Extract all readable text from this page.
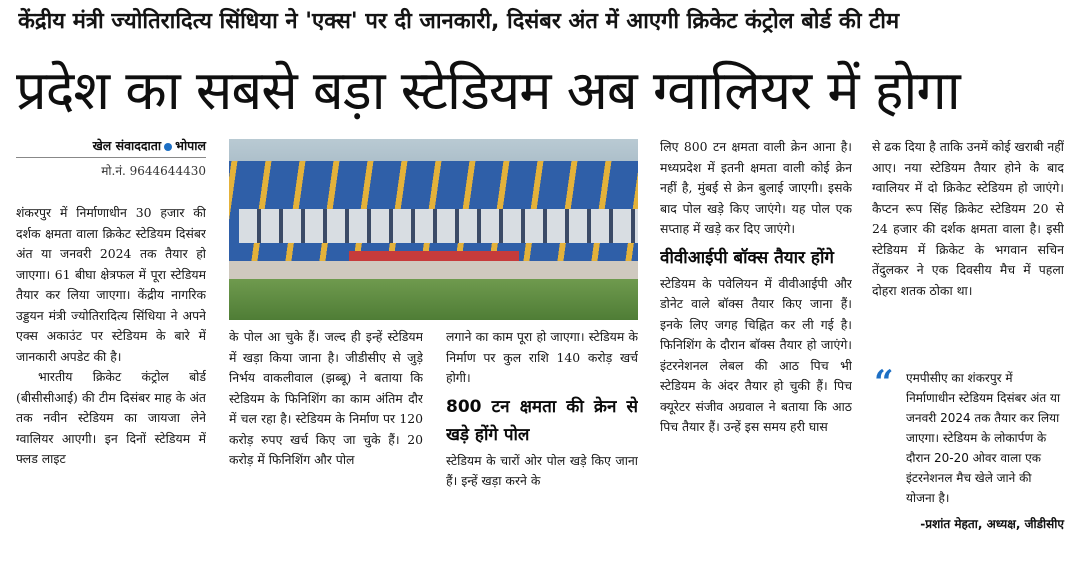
केंद्रीय मंत्री ज्योतिरादित्य सिंधिया ने 'एक्स' पर दी जानकारी, दिसंबर अंत में आएगी क्रिकेट कंट्रोल बोर्ड की टीम
प्रदेश का सबसे बड़ा स्टेडियम अब ग्वालियर में होगा
खेल संवाददाता भोपाल
मो.नं. 9644644430

शंकरपुर में निर्माणाधीन 30 हजार की दर्शक क्षमता वाला क्रिकेट स्टेडियम दिसंबर अंत या जनवरी 2024 तक तैयार हो जाएगा। 61 बीघा क्षेत्रफल में पूरा स्टेडियम तैयार कर लिया जाएगा। केंद्रीय नागरिक उड्डयन मंत्री ज्योतिरादित्य सिंधिया ने अपने एक्स अकाउंट पर स्टेडियम के बारे में जानकारी अपडेट की है।

भारतीय क्रिकेट कंट्रोल बोर्ड (बीसीसीआई) की टीम दिसंबर माह के अंत तक नवीन स्टेडियम का जायजा लेने ग्वालियर आएगी। इन दिनों स्टेडियम में फ्लड लाइट

के पोल आ चुके हैं। जल्द ही इन्हें स्टेडियम में खड़ा किया जाना है। जीडीसीए से जुड़े निर्भय वाकलीवाल (झब्बू) ने बताया कि स्टेडियम के फिनिशिंग का काम अंतिम दौर में चल रहा है। स्टेडियम के निर्माण पर 120 करोड़ रुपए खर्च किए जा चुके हैं। 20 करोड़ में फिनिशिंग और पोल

लगाने का काम पूरा हो जाएगा। स्टेडियम के निर्माण पर कुल राशि 140 करोड़ खर्च होगी।

800 टन क्षमता की क्रेन से खड़े होंगे पोल

स्टेडियम के चारों ओर पोल खड़े किए जाना हैं। इन्हें खड़ा करने के

लिए 800 टन क्षमता वाली क्रेन आना है। मध्यप्रदेश में इतनी क्षमता वाली कोई क्रेन नहीं है, मुंबई से क्रेन बुलाई जाएगी। इसके बाद पोल खड़े किए जाएंगे। यह पोल एक सप्ताह में खड़े कर दिए जाएंगे।

वीवीआईपी बॉक्स तैयार होंगे

स्टेडियम के पवेलियन में वीवीआईपी और डोनेट वाले बॉक्स तैयार किए जाना हैं। इनके लिए जगह चिह्नित कर ली गई है। फिनिशिंग के दौरान बॉक्स तैयार हो जाएंगे। इंटरनेशनल लेबल की आठ पिच भी स्टेडियम के अंदर तैयार हो चुकी हैं। पिच क्यूरेटर संजीव अग्रवाल ने बताया कि आठ पिच तैयार हैं। उन्हें इस समय हरी घास

से ढक दिया है ताकि उनमें कोई खराबी नहीं आए। नया स्टेडियम तैयार होने के बाद ग्वालियर में दो क्रिकेट स्टेडियम हो जाएंगे। कैप्टन रूप सिंह क्रिकेट स्टेडियम 20 से 24 हजार की दर्शक क्षमता वाला है। इसी स्टेडियम में क्रिकेट के भगवान सचिन तेंदुलकर ने एक दिवसीय मैच में पहला दोहरा शतक ठोका था।

“	एमपीसीए का शंकरपुर में निर्माणाधीन स्टेडियम दिसंबर अंत या जनवरी 2024 तक तैयार कर लिया जाएगा। स्टेडियम के लोकार्पण के दौरान 20-20 ओवर वाला एक इंटरनेशनल मैच खेले जाने की योजना है।
-प्रशांत मेहता, अध्यक्ष, जीडीसीए
